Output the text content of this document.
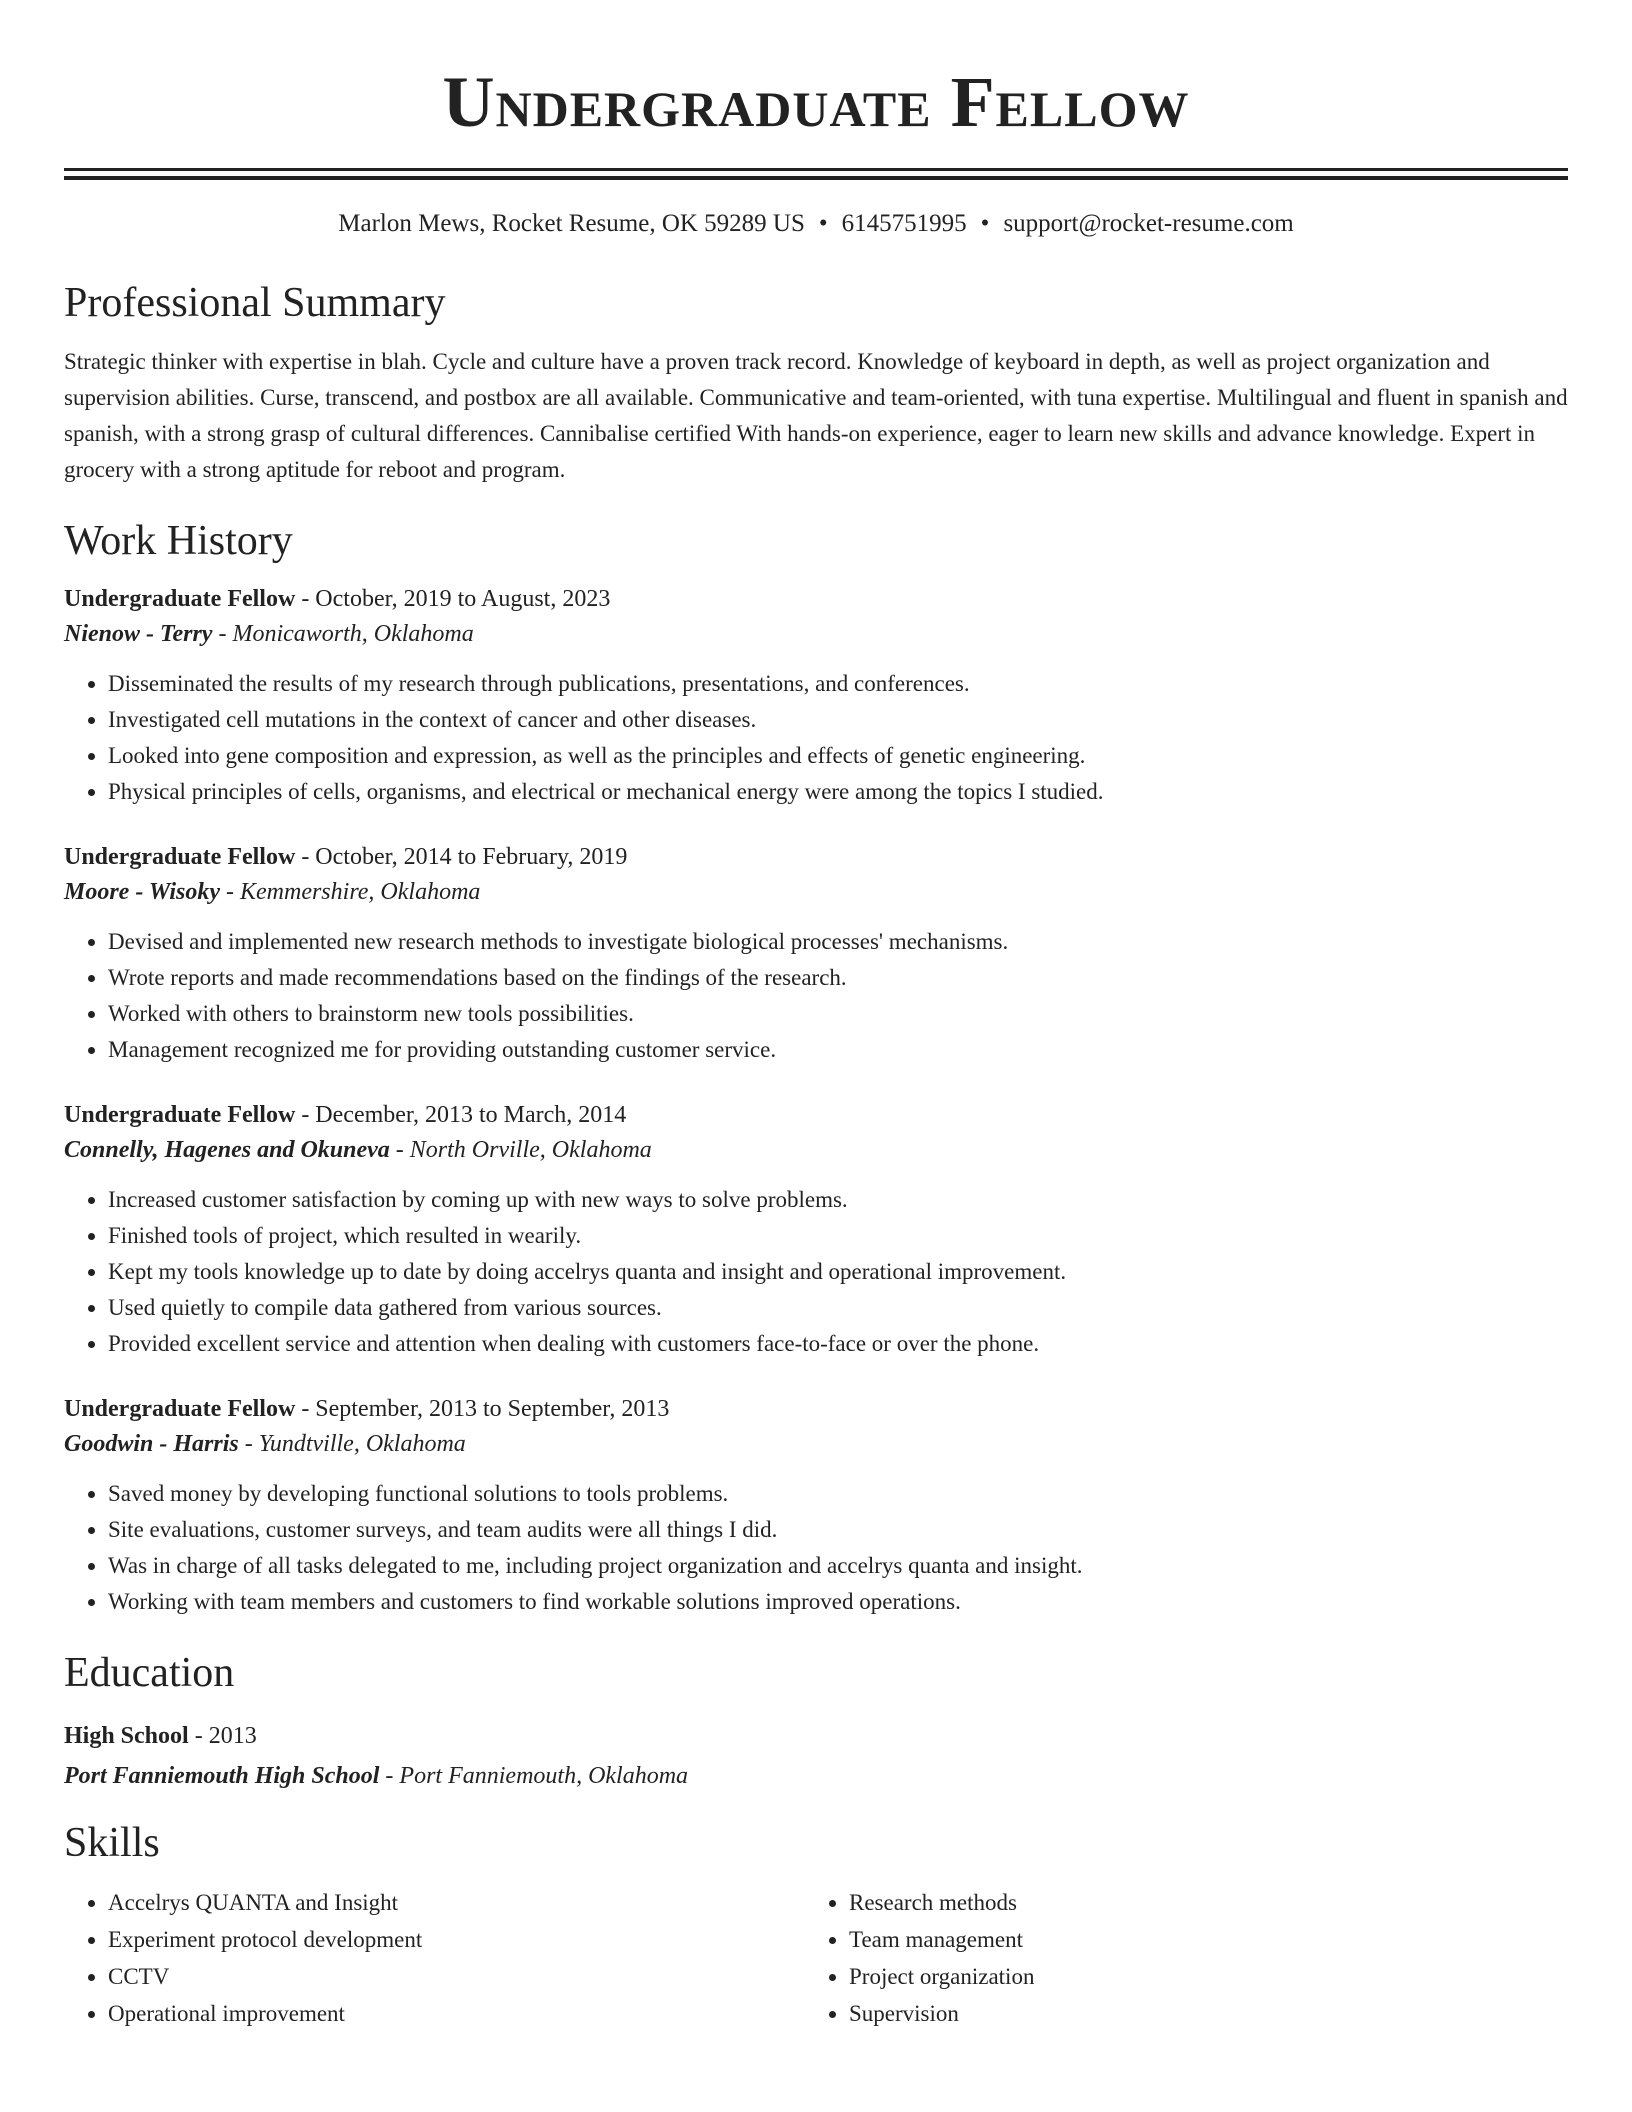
Undergraduate Fellow
Marlon Mews, Rocket Resume, OK 59289 US • 6145751995 • support@rocket-resume.com
Professional Summary
Strategic thinker with expertise in blah. Cycle and culture have a proven track record. Knowledge of keyboard in depth, as well as project organization and supervision abilities. Curse, transcend, and postbox are all available. Communicative and team-oriented, with tuna expertise. Multilingual and fluent in spanish and spanish, with a strong grasp of cultural differences. Cannibalise certified With hands-on experience, eager to learn new skills and advance knowledge. Expert in grocery with a strong aptitude for reboot and program.
Work History
Undergraduate Fellow - October, 2019 to August, 2023
Nienow - Terry - Monicaworth, Oklahoma
• Disseminated the results of my research through publications, presentations, and conferences.
• Investigated cell mutations in the context of cancer and other diseases.
• Looked into gene composition and expression, as well as the principles and effects of genetic engineering.
• Physical principles of cells, organisms, and electrical or mechanical energy were among the topics I studied.
Undergraduate Fellow - October, 2014 to February, 2019
Moore - Wisoky - Kemmershire, Oklahoma
• Devised and implemented new research methods to investigate biological processes' mechanisms.
• Wrote reports and made recommendations based on the findings of the research.
• Worked with others to brainstorm new tools possibilities.
• Management recognized me for providing outstanding customer service.
Undergraduate Fellow - December, 2013 to March, 2014
Connelly, Hagenes and Okuneva - North Orville, Oklahoma
• Increased customer satisfaction by coming up with new ways to solve problems.
• Finished tools of project, which resulted in wearily.
• Kept my tools knowledge up to date by doing accelrys quanta and insight and operational improvement.
• Used quietly to compile data gathered from various sources.
• Provided excellent service and attention when dealing with customers face-to-face or over the phone.
Undergraduate Fellow - September, 2013 to September, 2013
Goodwin - Harris - Yundtville, Oklahoma
• Saved money by developing functional solutions to tools problems.
• Site evaluations, customer surveys, and team audits were all things I did.
• Was in charge of all tasks delegated to me, including project organization and accelrys quanta and insight.
• Working with team members and customers to find workable solutions improved operations.
Education
High School - 2013
Port Fanniemouth High School - Port Fanniemouth, Oklahoma
Skills
• Accelrys QUANTA and Insight
• Experiment protocol development
• CCTV
• Operational improvement
• Research methods
• Team management
• Project organization
• Supervision
